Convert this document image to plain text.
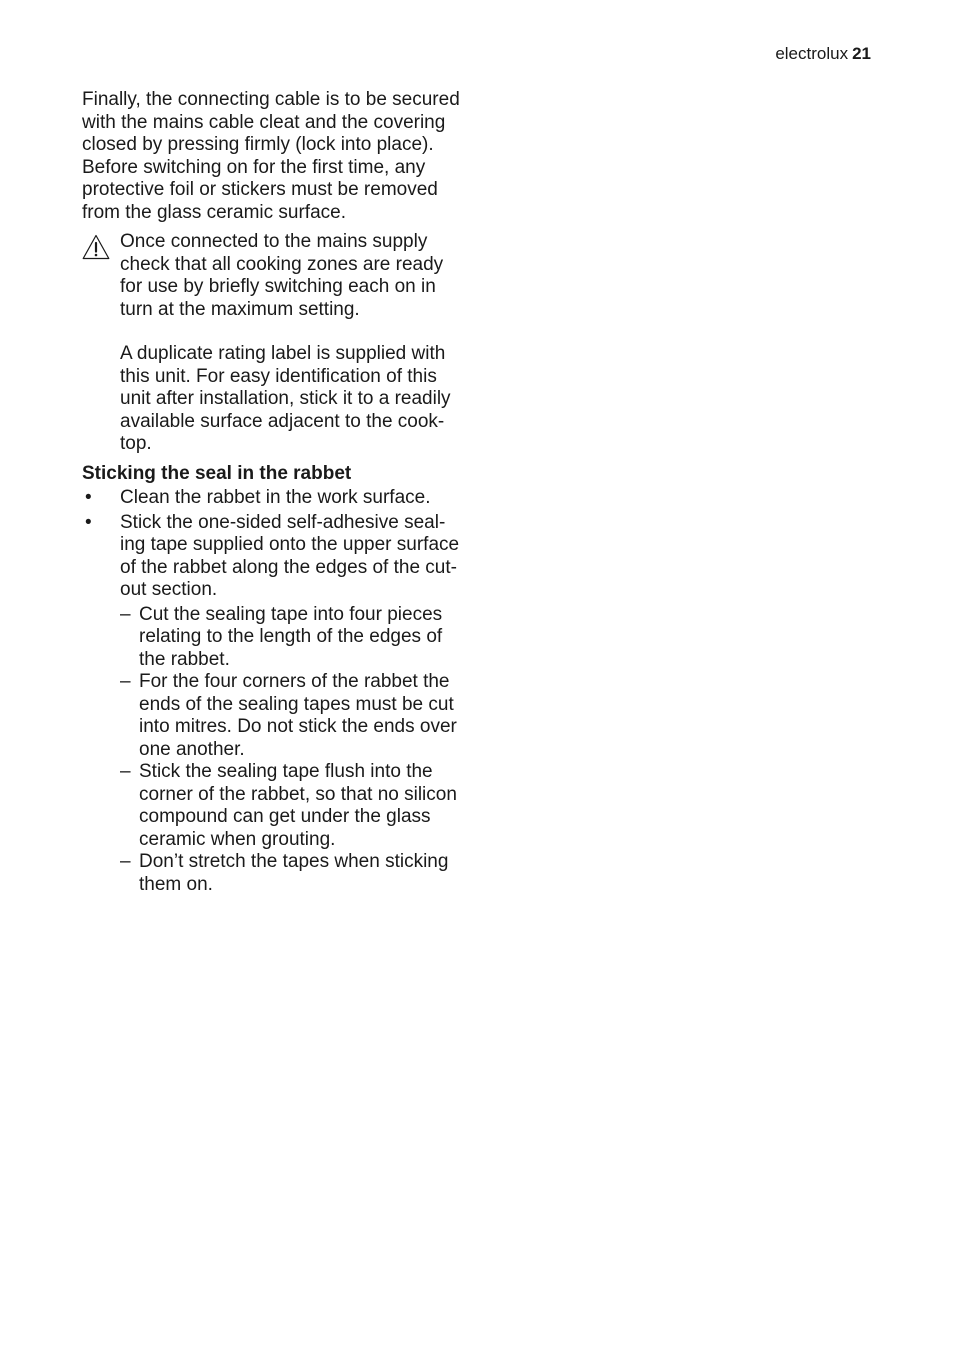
electrolux 21

Finally, the connecting cable is to be secured
with the mains cable cleat and the covering
closed by pressing firmly (lock into place).
Before switching on for the first time, any
protective foil or stickers must be removed
from the glass ceramic surface.

Once connected to the mains supply
check that all cooking zones are ready
for use by briefly switching each on in
turn at the maximum setting.

A duplicate rating label is supplied with
this unit. For easy identification of this
unit after installation, stick it to a readily
available surface adjacent to the cook-
top.

Sticking the seal in the rabbet

• Clean the rabbet in the work surface.
• Stick the one-sided self-adhesive seal-
ing tape supplied onto the upper surface
of the rabbet along the edges of the cut-
out section.

– Cut the sealing tape into four pieces
relating to the length of the edges of
the rabbet.
– For the four corners of the rabbet the
ends of the sealing tapes must be cut
into mitres. Do not stick the ends over
one another.
– Stick the sealing tape flush into the
corner of the rabbet, so that no silicon
compound can get under the glass
ceramic when grouting.
– Don’t stretch the tapes when sticking
them on.
